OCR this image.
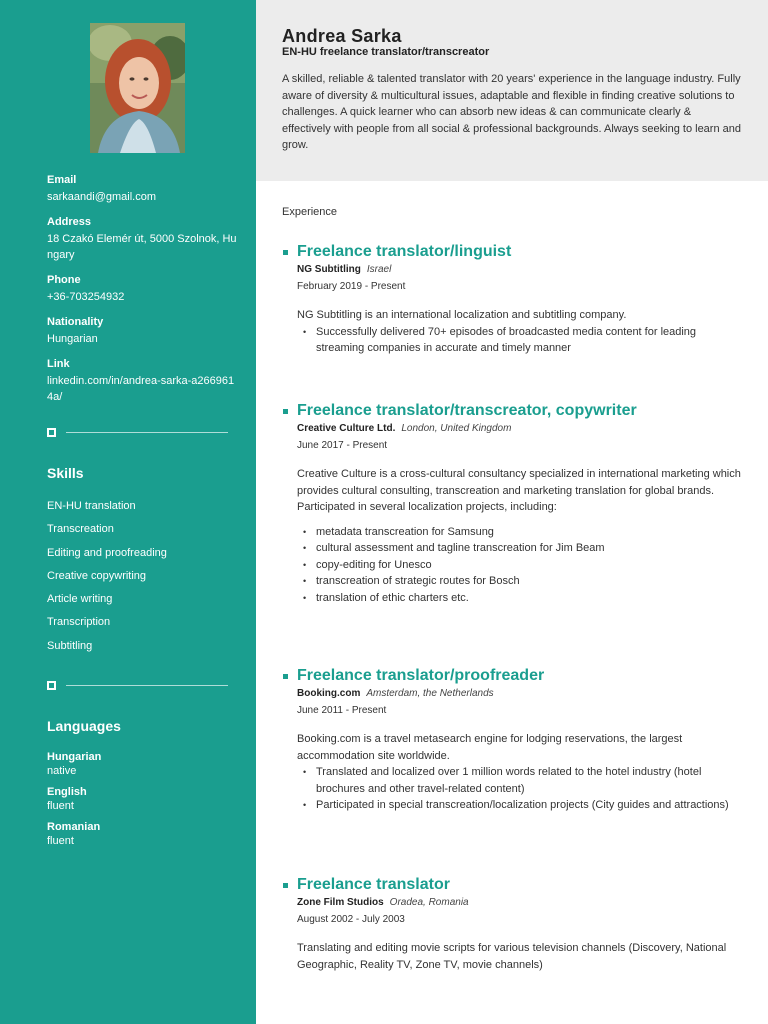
Email
sarkaandi@gmail.com
Address
18 Czakó Elemér út, 5000 Szolnok, Hungary
Phone
+36-703254932
Nationality
Hungarian
Link
linkedin.com/in/andrea-sarka-a2669614a/
Skills
EN-HU translation
Transcreation
Editing and proofreading
Creative copywriting
Article writing
Transcription
Subtitling
Languages
Hungarian
native
English
fluent
Romanian
fluent
Andrea Sarka
EN-HU freelance translator/transcreator
A skilled, reliable & talented translator with 20 years' experience in the language industry. Fully aware of diversity & multicultural issues, adaptable and flexible in finding creative solutions to challenges. A quick learner who can absorb new ideas & can communicate clearly & effectively with people from all social & professional backgrounds. Always seeking to learn and grow.
Experience
Freelance translator/linguist
NG Subtitling Israel
February 2019 - Present

NG Subtitling is an international localization and subtitling company.

• Successfully delivered 70+ episodes of broadcasted media content for leading streaming companies in accurate and timely manner
Freelance translator/transcreator, copywriter
Creative Culture Ltd. London, United Kingdom
June 2017 - Present

Creative Culture is a cross-cultural consultancy specialized in international marketing which provides cultural consulting, transcreation and marketing translation for global brands.

Participated in several localization projects, including:

• metadata transcreation for Samsung
• cultural assessment and tagline transcreation for Jim Beam
• copy-editing for Unesco
• transcreation of strategic routes for Bosch
• translation of ethic charters etc.
Freelance translator/proofreader
Booking.com Amsterdam, the Netherlands
June 2011 - Present

Booking.com is a travel metasearch engine for lodging reservations, the largest accommodation site worldwide.

• Translated and localized over 1 million words related to the hotel industry (hotel brochures and other travel-related content)
• Participated in special transcreation/localization projects (City guides and attractions)
Freelance translator
Zone Film Studios Oradea, Romania
August 2002 - July 2003

Translating and editing movie scripts for various television channels (Discovery, National Geographic, Reality TV, Zone TV, movie channels)
